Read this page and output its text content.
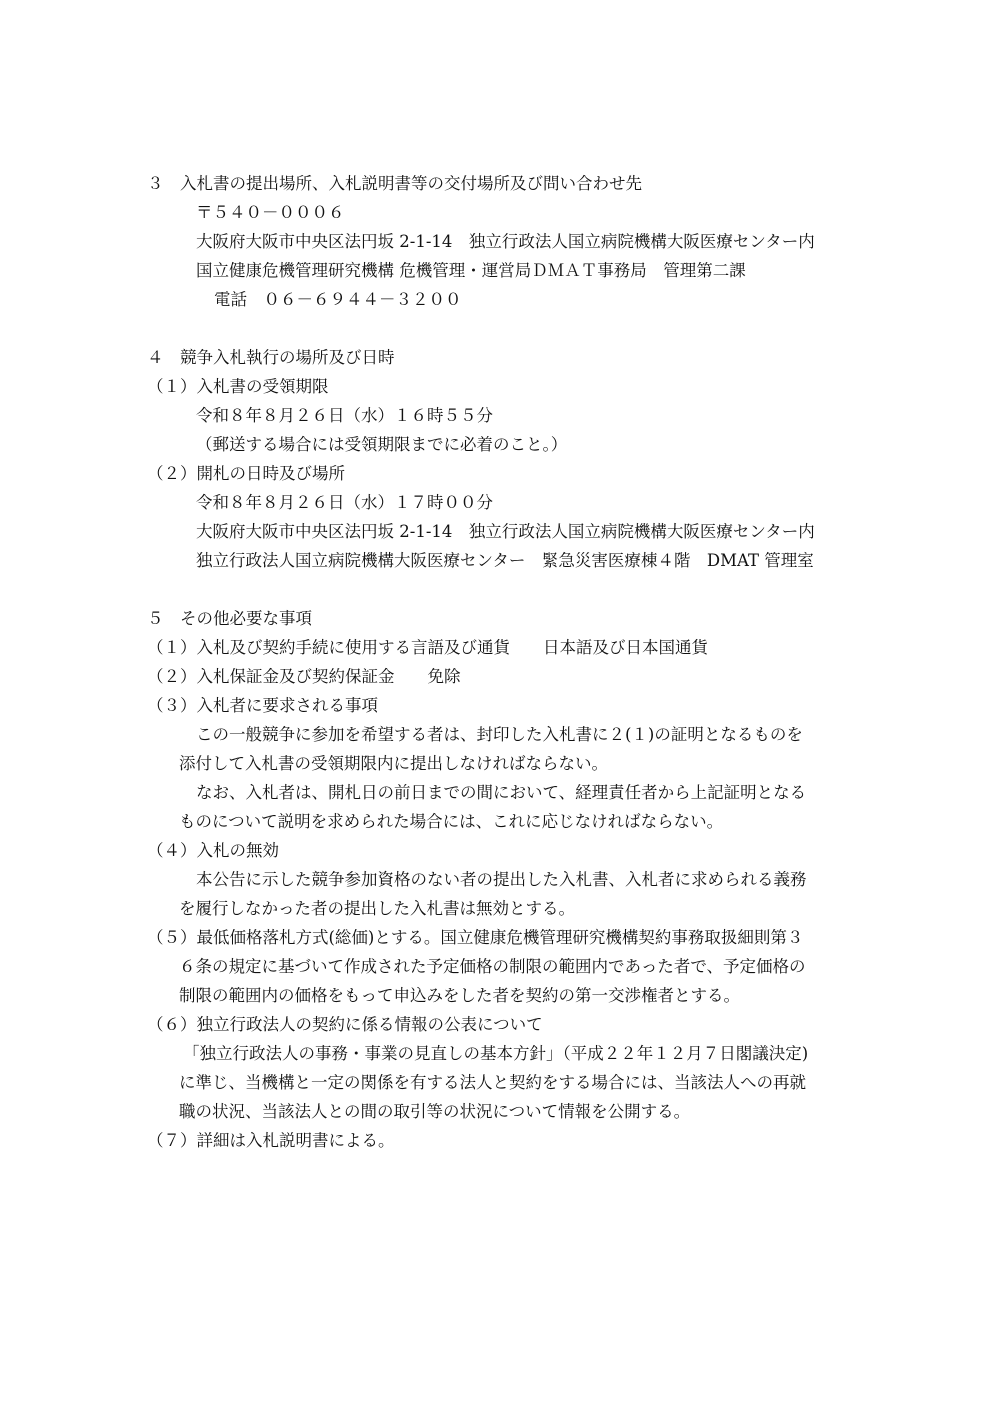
３　入札書の提出場所、入札説明書等の交付場所及び問い合わせ先
〒５４０－０００６
大阪府大阪市中央区法円坂 2-1-14　独立行政法人国立病院機構大阪医療センター内
国立健康危機管理研究機構 危機管理・運営局ＤＭＡＴ事務局　管理第二課
電話　０６－６９４４－３２００
４　競争入札執行の場所及び日時
（１）入札書の受領期限
令和８年８月２６日（水）１６時５５分
（郵送する場合には受領期限までに必着のこと。）
（２）開札の日時及び場所
令和８年８月２６日（水）１７時００分
大阪府大阪市中央区法円坂 2-1-14　独立行政法人国立病院機構大阪医療センター内
独立行政法人国立病院機構大阪医療センター　緊急災害医療棟４階　DMAT 管理室
５　その他必要な事項
（１）入札及び契約手続に使用する言語及び通貨　　日本語及び日本国通貨
（２）入札保証金及び契約保証金　　免除
（３）入札者に要求される事項
この一般競争に参加を希望する者は、封印した入札書に２(１)の証明となるものを
添付して入札書の受領期限内に提出しなければならない。
なお、入札者は、開札日の前日までの間において、経理責任者から上記証明となる
ものについて説明を求められた場合には、これに応じなければならない。
（４）入札の無効
本公告に示した競争参加資格のない者の提出した入札書、入札者に求められる義務
を履行しなかった者の提出した入札書は無効とする。
（５）最低価格落札方式(総価)とする。国立健康危機管理研究機構契約事務取扱細則第３
６条の規定に基づいて作成された予定価格の制限の範囲内であった者で、予定価格の
制限の範囲内の価格をもって申込みをした者を契約の第一交渉権者とする。
（６）独立行政法人の契約に係る情報の公表について
「独立行政法人の事務・事業の見直しの基本方針」（平成２２年１２月７日閣議決定)
に準じ、当機構と一定の関係を有する法人と契約をする場合には、当該法人への再就
職の状況、当該法人との間の取引等の状況について情報を公開する。
（７）詳細は入札説明書による。
